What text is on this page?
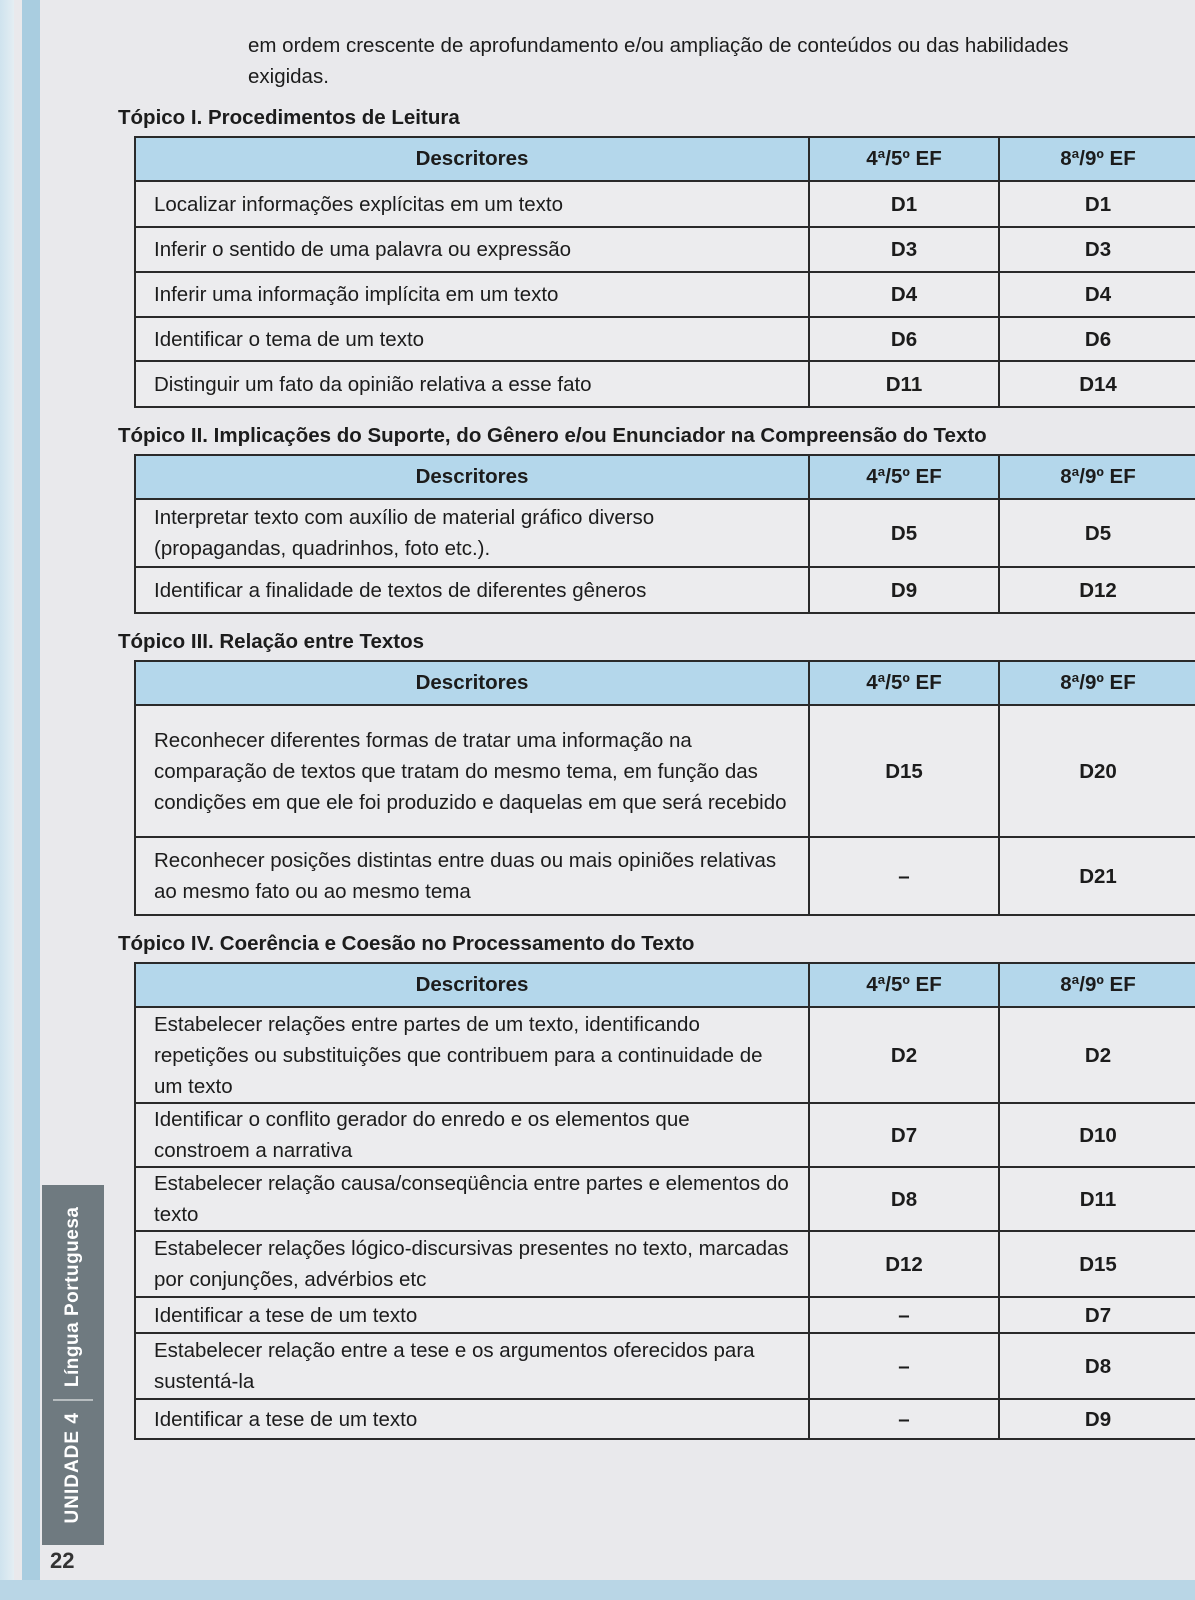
UNIDADE 4Língua Portuguesa
22

em ordem crescente de aprofundamento e/ou ampliação de conteúdos ou das habilidades exigidas.

Tópico I. Procedimentos de Leitura

Descritores	4ª/5º EF	8ª/9º EF
Localizar informações explícitas em um texto	D1	D1
Inferir o sentido de uma palavra ou expressão	D3	D3
Inferir uma informação implícita em um texto	D4	D4
Identificar o tema de um texto	D6	D6
Distinguir um fato da opinião relativa a esse fato	D11	D14

Tópico II. Implicações do Suporte, do Gênero e/ou Enunciador na Compreensão do Texto

Descritores	4ª/5º EF	8ª/9º EF
Interpretar texto com auxílio de material gráfico diverso (propagandas, quadrinhos, foto etc.).	D5	D5
Identificar a finalidade de textos de diferentes gêneros	D9	D12

Tópico III. Relação entre Textos

Descritores	4ª/5º EF	8ª/9º EF
Reconhecer diferentes formas de tratar uma informação na comparação de textos que tratam do mesmo tema, em função das condições em que ele foi produzido e daquelas em que será recebido	D15	D20
Reconhecer posições distintas entre duas ou mais opiniões relativas ao mesmo fato ou ao mesmo tema	–	D21

Tópico IV. Coerência e Coesão no Processamento do Texto

Descritores	4ª/5º EF	8ª/9º EF
Estabelecer relações entre partes de um texto, identificando repetições ou substituições que contribuem para a continuidade de um texto	D2	D2
Identificar o conflito gerador do enredo e os elementos que constroem a narrativa	D7	D10
Estabelecer relação causa/conseqüência entre partes e elementos do texto	D8	D11
Estabelecer relações lógico-discursivas presentes no texto, marcadas por conjunções, advérbios etc	D12	D15
Identificar a tese de um texto	–	D7
Estabelecer relação entre a tese e os argumentos oferecidos para sustentá-la	–	D8
Identificar a tese de um texto	–	D9
